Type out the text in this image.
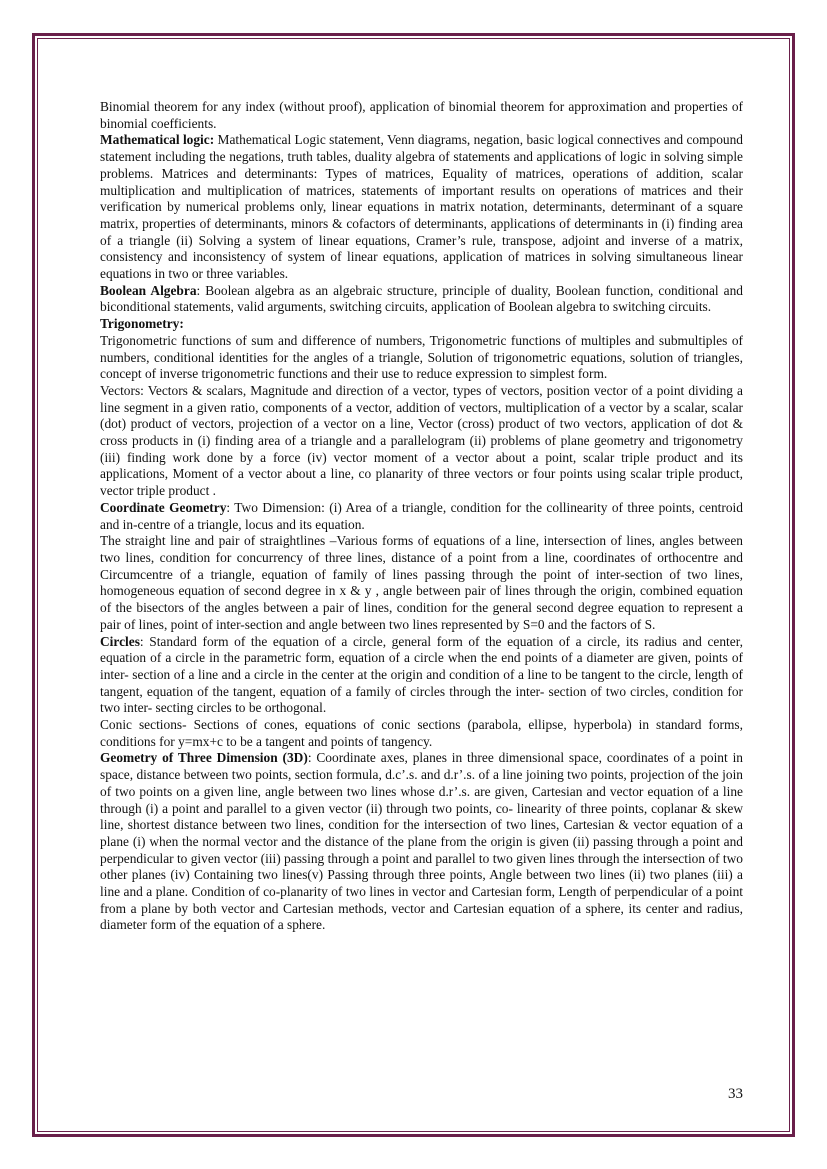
Binomial theorem for any index (without proof), application of binomial theorem for approximation and properties of binomial coefficients.

Mathematical logic: Mathematical Logic statement, Venn diagrams, negation, basic logical connectives and compound statement including the negations, truth tables, duality algebra of statements and applications of logic in solving simple problems. Matrices and determinants: Types of matrices, Equality of matrices, operations of addition, scalar multiplication and multiplication of matrices, statements of important results on operations of matrices and their verification by numerical problems only, linear equations in matrix notation, determinants, determinant of a square matrix, properties of determinants, minors & cofactors of determinants, applications of determinants in (i) finding area of a triangle (ii) Solving a system of linear equations, Cramer’s rule, transpose, adjoint and inverse of a matrix, consistency and inconsistency of system of linear equations, application of matrices in solving simultaneous linear equations in two or three variables.

Boolean Algebra: Boolean algebra as an algebraic structure, principle of duality, Boolean function, conditional and biconditional statements, valid arguments, switching circuits, application of Boolean algebra to switching circuits.

Trigonometry:

Trigonometric functions of sum and difference of numbers, Trigonometric functions of multiples and submultiples of numbers, conditional identities for the angles of a triangle, Solution of trigonometric equations, solution of triangles, concept of inverse trigonometric functions and their use to reduce expression to simplest form.

Vectors: Vectors & scalars, Magnitude and direction of a vector, types of vectors, position vector of a point dividing a line segment in a given ratio, components of a vector, addition of vectors, multiplication of a vector by a scalar, scalar (dot) product of vectors, projection of a vector on a line, Vector (cross) product of two vectors, application of dot & cross products in (i) finding area of a triangle and a parallelogram (ii) problems of plane geometry and trigonometry (iii) finding work done by a force (iv) vector moment of a vector about a point, scalar triple product and its applications, Moment of a vector about a line, co planarity of three vectors or four points using scalar triple product, vector triple product .

Coordinate Geometry: Two Dimension: (i) Area of a triangle, condition for the collinearity of three points, centroid and in-centre of a triangle, locus and its equation.

The straight line and pair of straightlines –Various forms of equations of a line, intersection of lines, angles between two lines, condition for concurrency of three lines, distance of a point from a line, coordinates of orthocentre and Circumcentre of a triangle, equation of family of lines passing through the point of inter-section of two lines, homogeneous equation of second degree in x & y , angle between pair of lines through the origin, combined equation of the bisectors of the angles between a pair of lines, condition for the general second degree equation to represent a pair of lines, point of inter-section and angle between two lines represented by S=0 and the factors of S.

Circles: Standard form of the equation of a circle, general form of the equation of a circle, its radius and center, equation of a circle in the parametric form, equation of a circle when the end points of a diameter are given, points of inter- section of a line and a circle in the center at the origin and condition of a line to be tangent to the circle, length of tangent, equation of the tangent, equation of a family of circles through the inter- section of two circles, condition for two inter- secting circles to be orthogonal.

Conic sections- Sections of cones, equations of conic sections (parabola, ellipse, hyperbola) in standard forms, conditions for y=mx+c to be a tangent and points of tangency.

Geometry of Three Dimension (3D): Coordinate axes, planes in three dimensional space, coordinates of a point in space, distance between two points, section formula, d.c’.s. and d.r’.s. of a line joining two points, projection of the join of two points on a given line, angle between two lines whose d.r’.s. are given, Cartesian and vector equation of a line through (i) a point and parallel to a given vector (ii) through two points, co- linearity of three points, coplanar & skew line, shortest distance between two lines, condition for the intersection of two lines, Cartesian & vector equation of a plane (i) when the normal vector and the distance of the plane from the origin is given (ii) passing through a point and perpendicular to given vector (iii) passing through a point and parallel to two given lines through the intersection of two other planes (iv) Containing two lines(v) Passing through three points, Angle between two lines (ii) two planes (iii) a line and a plane. Condition of co-planarity of two lines in vector and Cartesian form, Length of perpendicular of a point from a plane by both vector and Cartesian methods, vector and Cartesian equation of a sphere, its center and radius, diameter form of the equation of a sphere.

33
